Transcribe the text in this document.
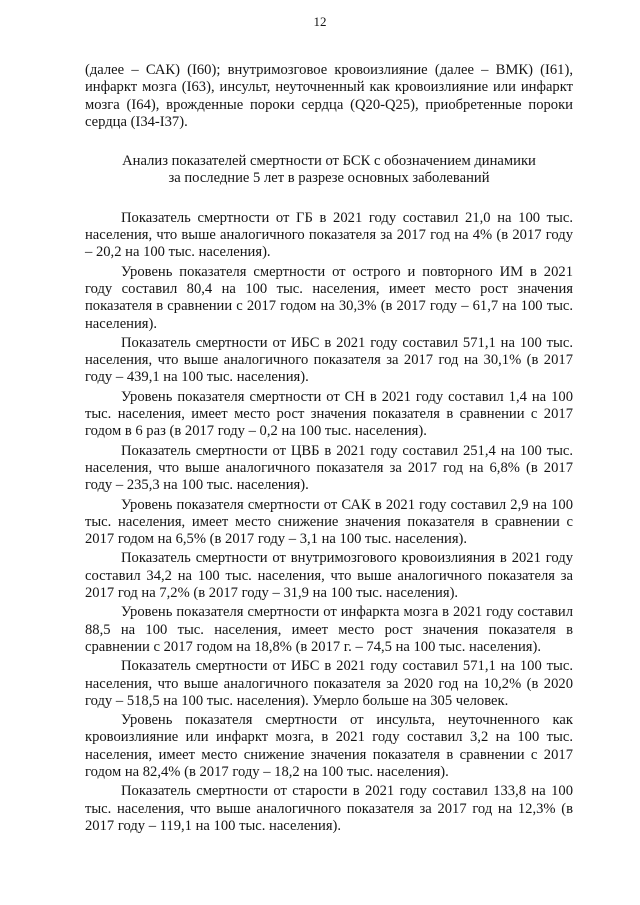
12

(далее – САК) (I60); внутримозговое кровоизлияние (далее – ВМК) (I61), инфаркт мозга (I63), инсульт, неуточненный как кровоизлияние или инфаркт мозга (I64), врожденные пороки сердца (Q20-Q25), приобретенные пороки сердца (I34-I37).

Анализ показателей смертности от БСК с обозначением динамики
за последние 5 лет в разрезе основных заболеваний

Показатель смертности от ГБ в 2021 году составил 21,0 на 100 тыс. населения, что выше аналогичного показателя за 2017 год на 4% (в 2017 году – 20,2 на 100 тыс. населения).

Уровень показателя смертности от острого и повторного ИМ в 2021 году составил 80,4 на 100 тыс. населения, имеет место рост значения показателя в сравнении с 2017 годом на 30,3% (в 2017 году – 61,7 на 100 тыс. населения).

Показатель смертности от ИБС в 2021 году составил 571,1 на 100 тыс. населения, что выше аналогичного показателя за 2017 год на 30,1% (в 2017 году – 439,1 на 100 тыс. населения).

Уровень показателя смертности от СН в 2021 году составил 1,4 на 100 тыс. населения, имеет место рост значения показателя в сравнении с 2017 годом в 6 раз (в 2017 году – 0,2 на 100 тыс. населения).

Показатель смертности от ЦВБ в 2021 году составил 251,4 на 100 тыс. населения, что выше аналогичного показателя за 2017 год на 6,8% (в 2017 году – 235,3 на 100 тыс. населения).

Уровень показателя смертности от САК в 2021 году составил 2,9 на 100 тыс. населения, имеет место снижение значения показателя в сравнении с 2017 годом на 6,5% (в 2017 году – 3,1 на 100 тыс. населения).

Показатель смертности от внутримозгового кровоизлияния в 2021 году составил 34,2 на 100 тыс. населения, что выше аналогичного показателя за 2017 год на 7,2% (в 2017 году – 31,9 на 100 тыс. населения).

Уровень показателя смертности от инфаркта мозга в 2021 году составил 88,5 на 100 тыс. населения, имеет место рост значения показателя в сравнении с 2017 годом на 18,8% (в 2017 г. – 74,5 на 100 тыс. населения).

Показатель смертности от ИБС в 2021 году составил 571,1 на 100 тыс. населения, что выше аналогичного показателя за 2020 год на 10,2% (в 2020 году – 518,5 на 100 тыс. населения). Умерло больше на 305 человек.

Уровень показателя смертности от инсульта, неуточненного как кровоизлияние или инфаркт мозга, в 2021 году составил 3,2 на 100 тыс. населения, имеет место снижение значения показателя в сравнении с 2017 годом на 82,4% (в 2017 году – 18,2 на 100 тыс. населения).

Показатель смертности от старости в 2021 году составил 133,8 на 100 тыс. населения, что выше аналогичного показателя за 2017 год на 12,3% (в 2017 году – 119,1 на 100 тыс. населения).
